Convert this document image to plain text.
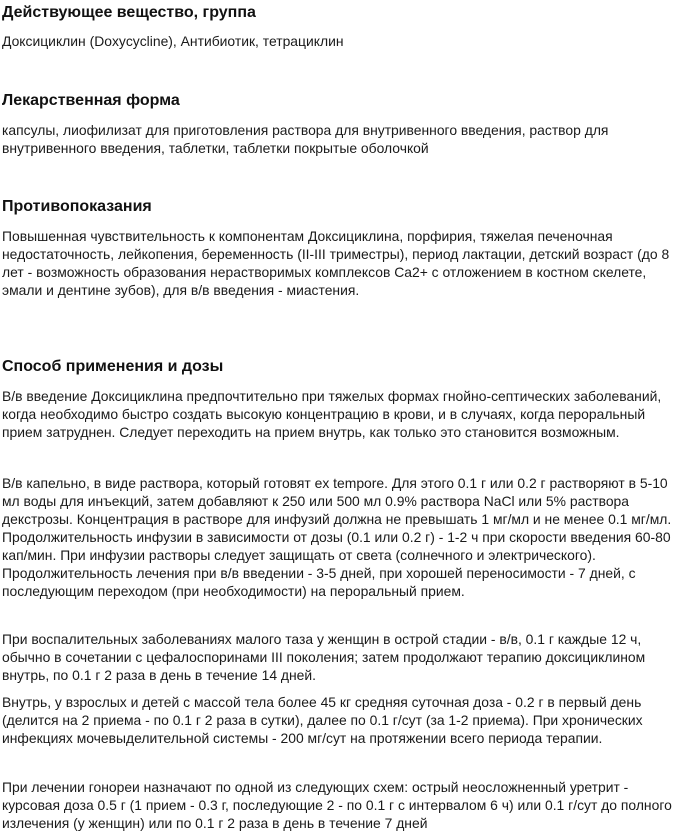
Действующее вещество, группа
Доксициклин (Doxycycline), Антибиотик, тетрациклин
Лекарственная форма
капсулы, лиофилизат для приготовления раствора для внутривенного введения, раствор для внутривенного введения, таблетки, таблетки покрытые оболочкой
Противопоказания
Повышенная чувствительность к компонентам Доксициклина, порфирия, тяжелая печеночная недостаточность, лейкопения, беременность (II-III триместры), период лактации, детский возраст (до 8 лет - возможность образования нерастворимых комплексов Ca2+ с отложением в костном скелете, эмали и дентине зубов), для в/в введения - миастения.
Способ применения и дозы
В/в введение Доксициклина предпочтительно при тяжелых формах гнойно-септических заболеваний, когда необходимо быстро создать высокую концентрацию в крови, и в случаях, когда пероральный прием затруднен. Следует переходить на прием внутрь, как только это становится возможным.
В/в капельно, в виде раствора, который готовят ex tempore. Для этого 0.1 г или 0.2 г растворяют в 5-10 мл воды для инъекций, затем добавляют к 250 или 500 мл 0.9% раствора NaCl или 5% раствора декстрозы. Концентрация в растворе для инфузий должна не превышать 1 мг/мл и не менее 0.1 мг/мл. Продолжительность инфузии в зависимости от дозы (0.1 или 0.2 г) - 1-2 ч при скорости введения 60-80 кап/мин. При инфузии растворы следует защищать от света (солнечного и электрического). Продолжительность лечения при в/в введении - 3-5 дней, при хорошей переносимости - 7 дней, с последующим переходом (при необходимости) на пероральный прием.
При воспалительных заболеваниях малого таза у женщин в острой стадии - в/в, 0.1 г каждые 12 ч, обычно в сочетании с цефалоспоринами III поколения; затем продолжают терапию доксициклином внутрь, по 0.1 г 2 раза в день в течение 14 дней.
Внутрь, у взрослых и детей с массой тела более 45 кг средняя суточная доза - 0.2 г в первый день (делится на 2 приема - по 0.1 г 2 раза в сутки), далее по 0.1 г/сут (за 1-2 приема). При хронических инфекциях мочевыделительной системы - 200 мг/сут на протяжении всего периода терапии.
При лечении гонореи назначают по одной из следующих схем: острый неосложненный уретрит - курсовая доза 0.5 г (1 прием - 0.3 г, последующие 2 - по 0.1 г с интервалом 6 ч) или 0.1 г/сут до полного излечения (у женщин) или по 0.1 г 2 раза в день в течение 7 дней
